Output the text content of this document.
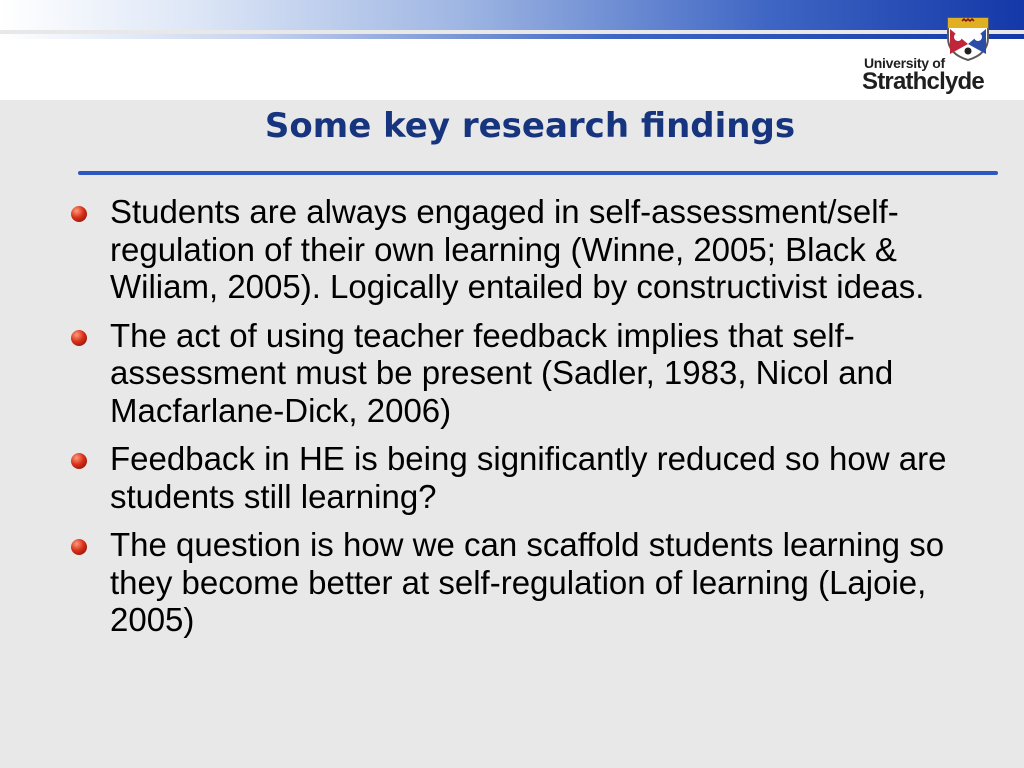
University of
Strathclyde
Some key research findings
Students are always engaged in self-assessment/self-regulation of their own learning (Winne, 2005; Black & Wiliam, 2005). Logically entailed by constructivist ideas.
The act of using teacher feedback implies that self-assessment must be present (Sadler, 1983, Nicol and Macfarlane-Dick, 2006)
Feedback in HE is being significantly reduced so how are students still learning?
The question is how we can scaffold students learning so they become better at self-regulation of learning (Lajoie, 2005)
